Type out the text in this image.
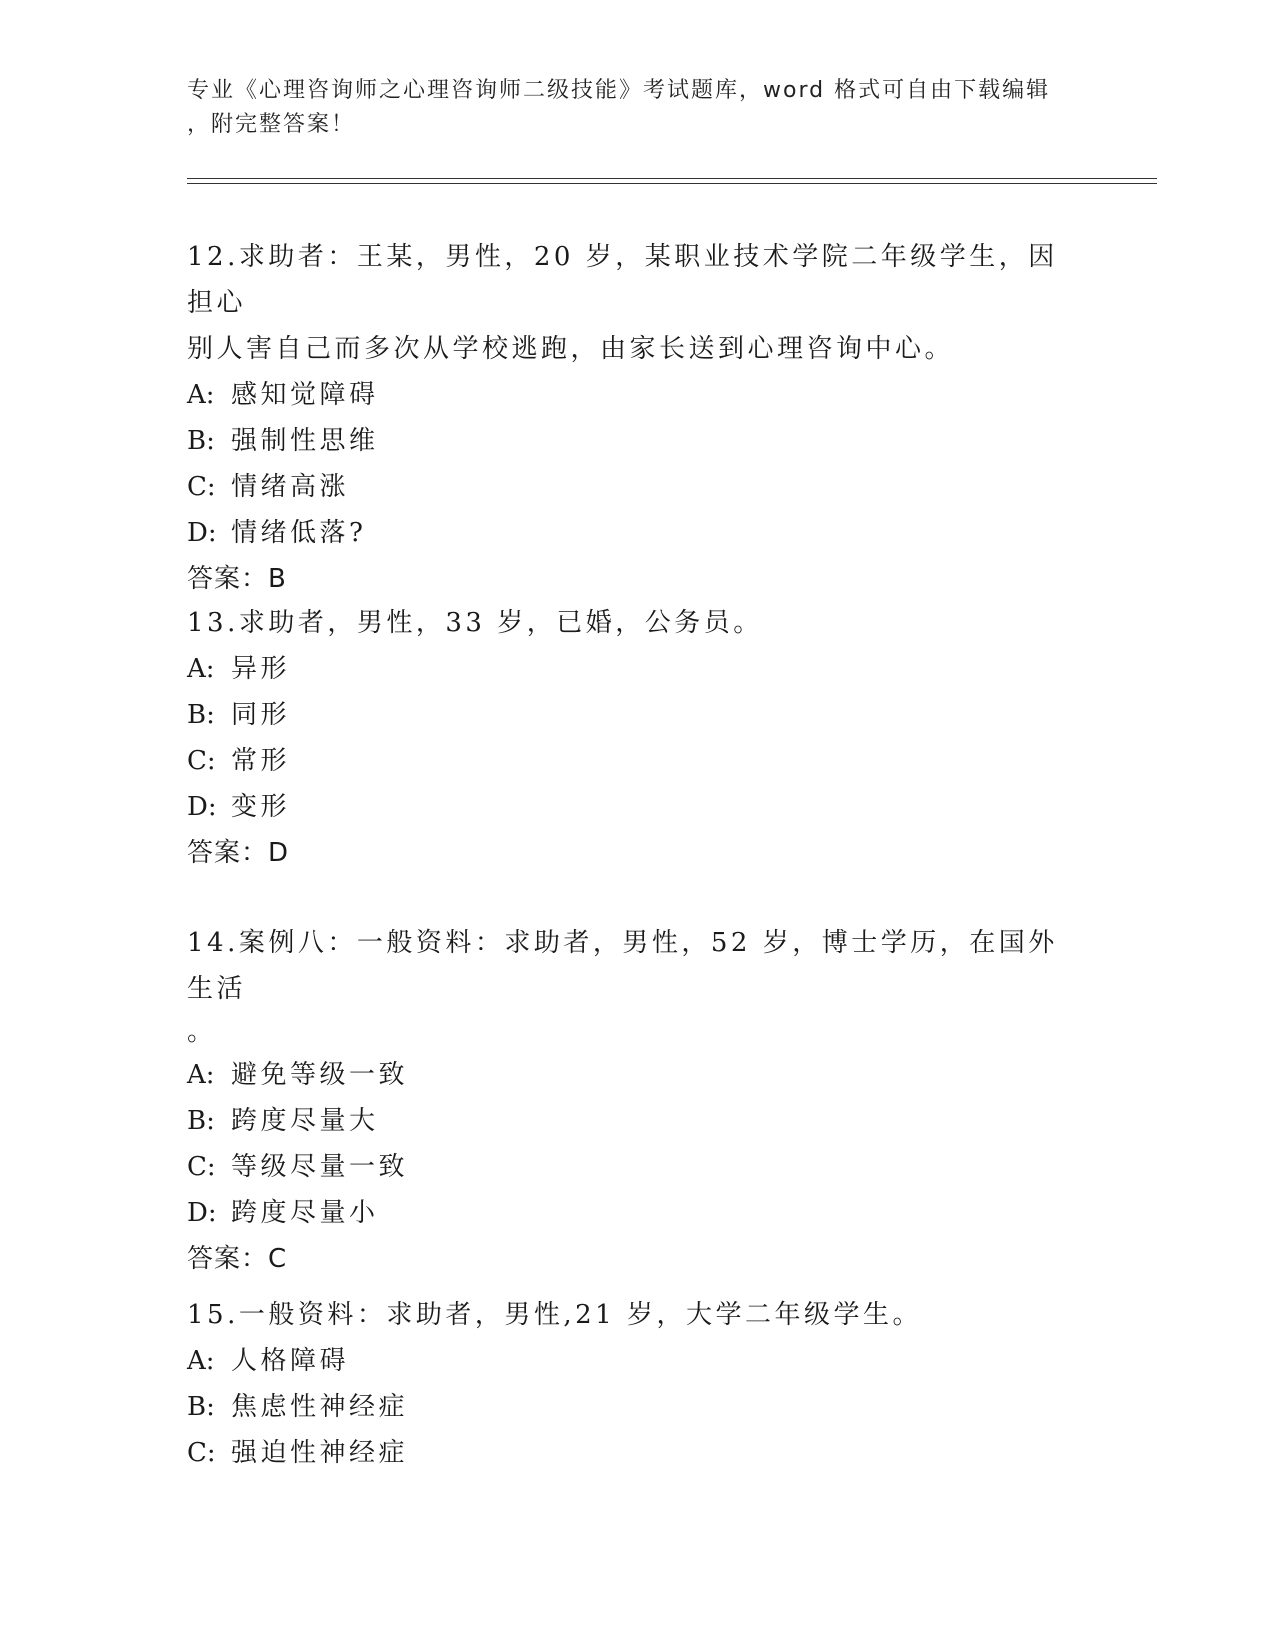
专业《心理咨询师之心理咨询师二级技能》考试题库，word 格式可自由下载编辑
，附完整答案！

12.求助者：王某，男性，20 岁，某职业技术学院二年级学生，因担心

别人害自己而多次从学校逃跑，由家长送到心理咨询中心。

A: 感知觉障碍

B: 强制性思维

C: 情绪高涨

D: 情绪低落?

答案：B

13.求助者，男性，33 岁，已婚，公务员。

A: 异形

B: 同形

C: 常形

D: 变形

答案：D

14.案例八：一般资料：求助者，男性，52 岁，博士学历，在国外生活

。

A: 避免等级一致

B: 跨度尽量大

C: 等级尽量一致

D: 跨度尽量小

答案：C

15.一般资料：求助者，男性,21 岁，大学二年级学生。

A: 人格障碍

B: 焦虑性神经症

C: 强迫性神经症
